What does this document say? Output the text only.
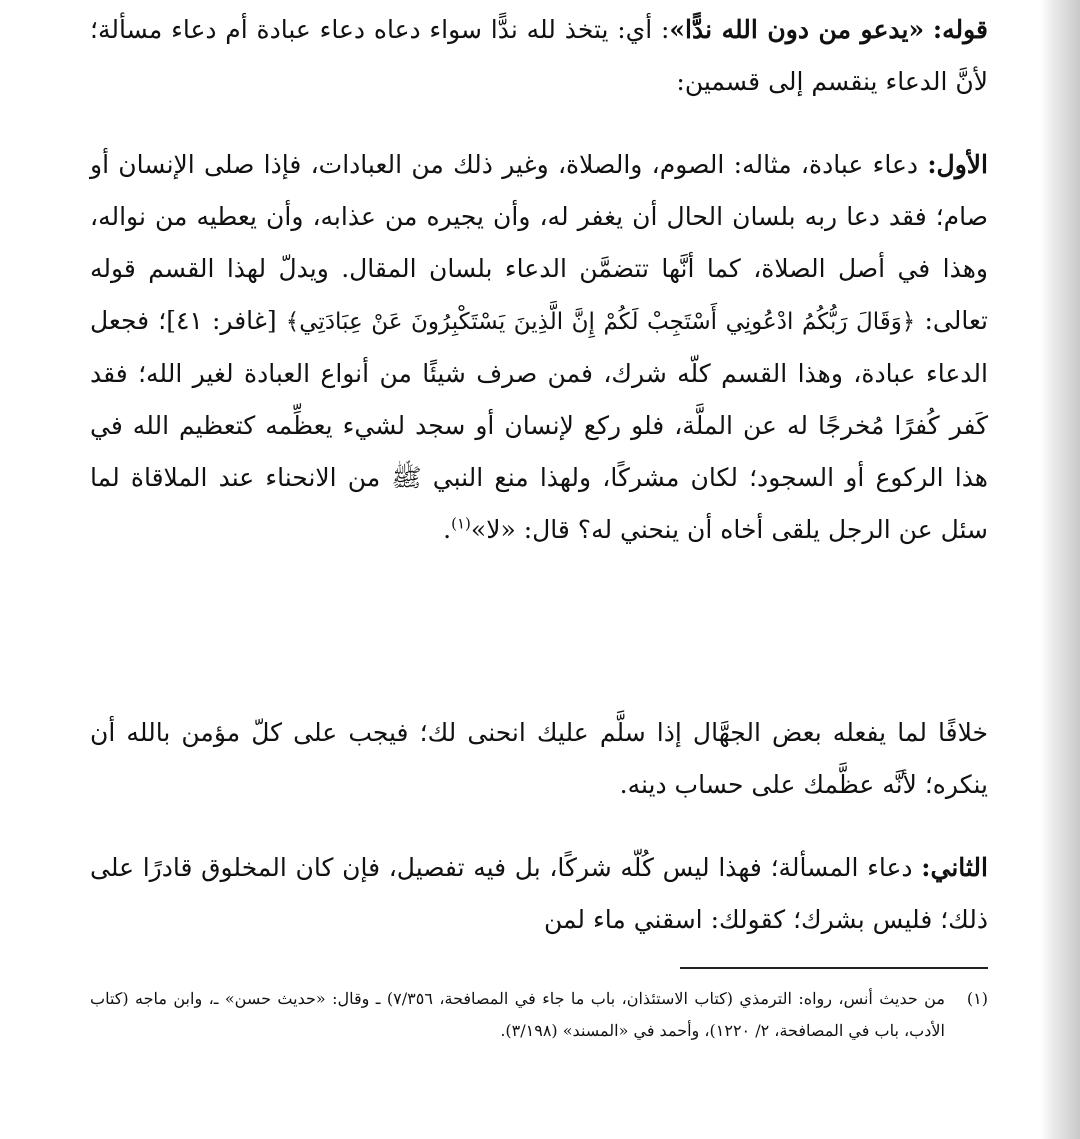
قوله: «يدعو من دون الله ندًّا»: أي: يتخذ لله ندًّا سواء دعاه دعاء عبادة أم دعاء مسألة؛ لأنَّ الدعاء ينقسم إلى قسمين:

الأول: دعاء عبادة، مثاله: الصوم، والصلاة، وغير ذلك من العبادات، فإذا صلى الإنسان أو صام؛ فقد دعا ربه بلسان الحال أن يغفر له، وأن يجيره من عذابه، وأن يعطيه من نواله، وهذا في أصل الصلاة، كما أنَّها تتضمَّن الدعاء بلسان المقال. ويدلّ لهذا القسم قوله تعالى: ﴿وَقَالَ رَبُّكُمُ ادْعُونِي أَسْتَجِبْ لَكُمْ إِنَّ الَّذِينَ يَسْتَكْبِرُونَ عَنْ عِبَادَتِي﴾ [غافر: ٤١]؛ فجعل الدعاء عبادة، وهذا القسم كلّه شرك، فمن صرف شيئًا من أنواع العبادة لغير الله؛ فقد كَفر كُفرًا مُخرجًا له عن الملَّة، فلو ركع لإنسان أو سجد لشيء يعظِّمه كتعظيم الله في هذا الركوع أو السجود؛ لكان مشركًا، ولهذا منع النبي ﷺ من الانحناء عند الملاقاة لما سئل عن الرجل يلقى أخاه أن ينحني له؟ قال: «لا»$^{(١)}$.

خلافًا لما يفعله بعض الجهَّال إذا سلَّم عليك انحنى لك؛ فيجب على كلّ مؤمن بالله أن ينكره؛ لأنَّه عظَّمك على حساب دينه.

الثاني: دعاء المسألة؛ فهذا ليس كُلّه شركًا، بل فيه تفصيل، فإن كان المخلوق قادرًا على ذلك؛ فليس بشرك؛ كقولك: اسقني ماء لمن

(١)
من حديث أنس، رواه: الترمذي (كتاب الاستئذان، باب ما جاء في المصافحة، ٧/٣٥٦) ـ وقال: «حديث حسن» ـ، وابن ماجه (كتاب الأدب، باب في المصافحة، ٢/ ١٢٢٠)، وأحمد في «المسند» (٣/١٩٨).
